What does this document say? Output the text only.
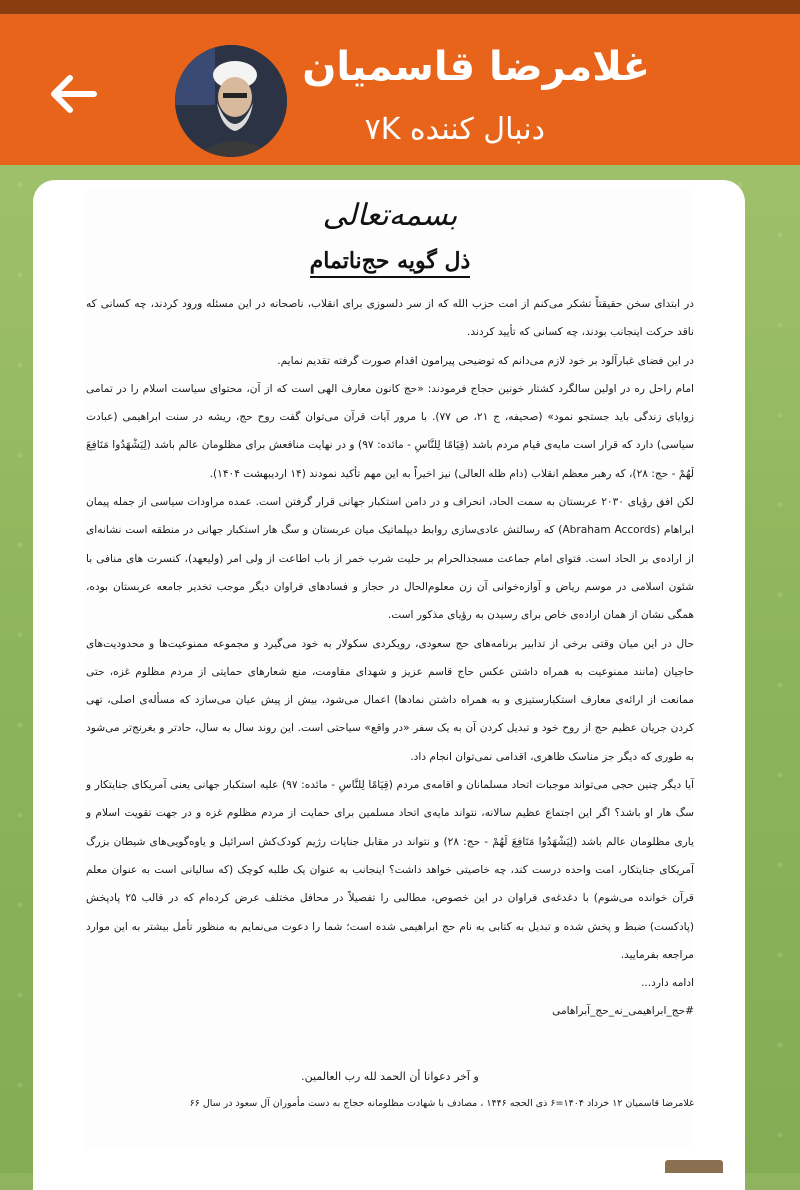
غلامرضا قاسمیان
دنبال کننده ۷K
بسمه‌تعالی
ذل گویه حج‌ناتمام

در ابتدای سخن حقیقتاً تشکر می‌کنم از امت حزب الله که از سر دلسوزی برای انقلاب، ناصحانه در این مسئله ورود کردند، چه کسانی که ناقد حرکت اینجانب بودند، چه کسانی که تأیید کردند.

در این فضای غبارآلود بر خود لازم می‌دانم که توضیحی پیرامون اقدام صورت گرفته تقدیم نمایم.

امام راحل ره در اولین سالگرد کشتار خونین حجاج فرمودند: «حج کانون معارف الهی است که از آن، محتوای سیاست اسلام را در تمامی زوایای زندگی باید جستجو نمود» (صحیفه، ج ۲۱، ص ۷۷). با مرور آیات قرآن می‌توان گفت روح حج، ریشه در سنت ابراهیمی (عبادت سیاسی) دارد که قرار است مایه‌ی قیام مردم باشد (قِيَامًا لِلنَّاسِ - مائده: ۹۷) و در نهایت منافعش برای مظلومان عالم باشد (لِيَشْهَدُوا مَنَافِعَ لَهُمْ - حج: ۲۸)، که رهبر معظم انقلاب (دام ظله العالی) نیز اخیراً به این مهم تأکید نمودند (۱۴ اردیبهشت ۱۴۰۴).

لکن افق رؤیای ۲۰۳۰ عربستان به سمت الحاد، انحراف و در دامن استکبار جهانی قرار گرفتن است. عمده مراودات سیاسی از جمله پیمان ابراهام (Abraham Accords) که رسالتش عادی‌سازی روابط دیپلماتیک میان عربستان و سگ هار استکبار جهانی در منطقه است نشانه‌ای از اراده‌ی بر الحاد است. فتوای امام جماعت مسجدالحرام بر حلیت شرب خمر از باب اطاعت از ولی امر (ولیعهد)، کنسرت های منافی با شئون اسلامی در موسم ریاض و آوازه‌خوانی آن زن معلوم‌الحال در حجاز و فسادهای فراوان دیگر موجب تخدیر جامعه عربستان بوده، همگی نشان از همان اراده‌ی خاص برای رسیدن به رؤیای مذکور است.

حال در این میان وقتی برخی از تدابیر برنامه‌های حج سعودی، رویکردی سکولار به خود می‌گیرد و مجموعه ممنوعیت‌ها و محدودیت‌های حاجیان (مانند ممنوعیت به همراه داشتن عکس حاج قاسم عزیز و شهدای مقاومت، منع شعارهای حمایتی از مردم مظلوم غزه، حتی ممانعت از ارائه‌ی معارف استکبارستیزی و به همراه داشتن نمادها) اعمال می‌شود، بیش از پیش عیان می‌سازد که مسأله‌ی اصلی، تهی کردن جریان عظیم حج از روح خود و تبدیل کردن آن به یک سفر «در واقع» سیاحتی است. این روند سال به سال، حادتر و بغرنج‌تر می‌شود به طوری که دیگر جز مناسک ظاهری، اقدامی نمی‌توان انجام داد.

آیا دیگر چنین حجی می‌تواند موجبات اتحاد مسلمانان و اقامه‌ی مردم (قِيَامًا لِلنَّاسِ - مائده: ۹۷) علیه استکبار جهانی یعنی آمریکای جنایتکار و سگ هار او باشد؟ اگر این اجتماع عظیم سالانه، نتواند مایه‌ی اتحاد مسلمین برای حمایت از مردم مظلوم غزه و در جهت تقویت اسلام و یاری مظلومان عالم باشد (لِيَشْهَدُوا مَنَافِعَ لَهُمْ - حج: ۲۸) و نتواند در مقابل جنایات رژیم کودک‌کش اسرائیل و یاوه‌گویی‌های شیطان بزرگ آمریکای جنایتکار، امت واحده درست کند، چه خاصیتی خواهد داشت؟ اینجانب به عنوان یک طلبه کوچک (که سالیانی است به عنوان معلم قرآن خوانده می‌شوم) با دغدغه‌ی فراوان در این خصوص، مطالبی را تفصیلاً در محافل مختلف عرض کرده‌ام که در قالب ۲۵ پادپخش (پادکست) ضبط و پخش شده و تبدیل به کتابی به نام حج ابراهیمی شده است؛ شما را دعوت می‌نمایم به منظور تأمل بیشتر به این موارد مراجعه بفرمایید.

ادامه دارد...

#حج_ابراهیمی_نه_حج_آبراهامی

و آخر دعوانا أن الحمد لله رب العالمين.
غلامرضا قاسمیان ۱۲ خرداد ۱۴۰۴=۶ ذی الحجه ۱۴۴۶ ، مصادف با شهادت مظلومانه حجاج به دست مأموران آل سعود در سال ۶۶
